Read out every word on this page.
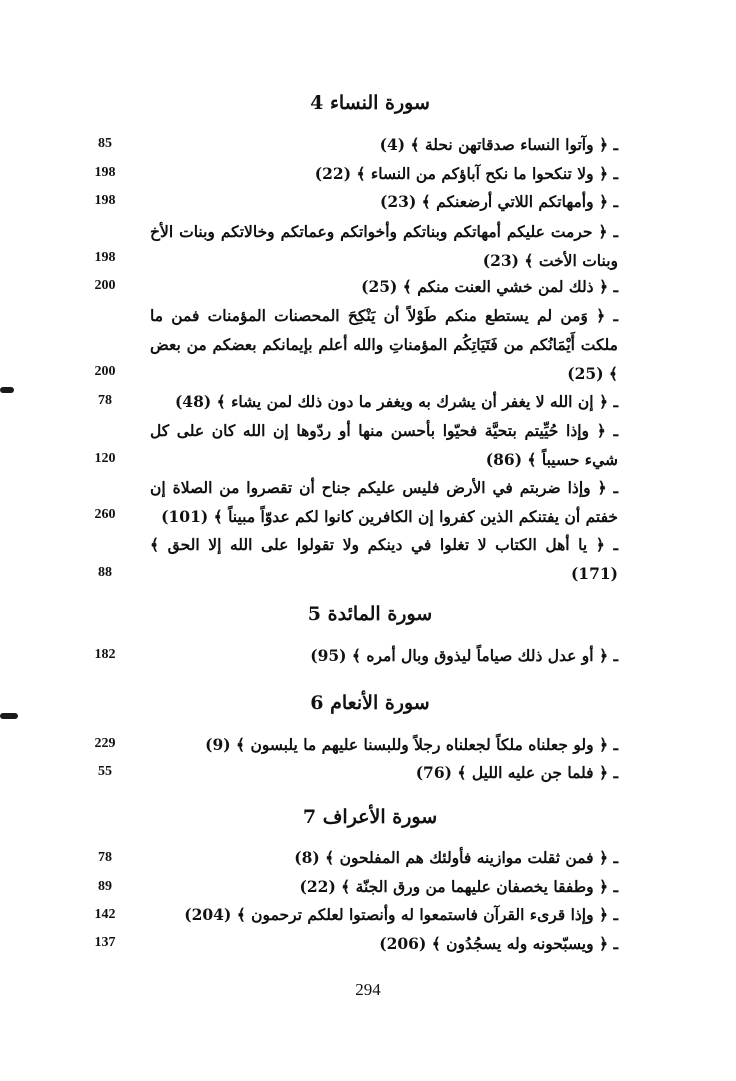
سورة النساء 4
ـ ﴿ وآتوا النساء صدقاتهن نحلة ﴾ (4)
85
ـ ﴿ ولا تنكحوا ما نكح آباؤكم من النساء ﴾ (22)
198
ـ ﴿ وأمهاتكم اللاتي أرضعنكم ﴾ (23)
198
ـ ﴿ حرمت عليكم أمهاتكم وبناتكم وأخواتكم وعماتكم وخالاتكم وبنات الأخ وبنات الأخت ﴾ (23)
198
ـ ﴿ ذلك لمن خشي العنت منكم ﴾ (25)
200
ـ ﴿ وَمن لم يستطع منكم طَوْلاً أن يَنْكِحَ المحصنات المؤمنات فمن ما ملكت أَيْمَانُكم من فَتَيَاتِكُم المؤمناتِ والله أعلم بإيمانكم بعضكم من بعض ﴾ (25)
200
ـ ﴿ إن الله لا يغفر أن يشرك به ويغفر ما دون ذلك لمن يشاء ﴾ (48)
78
ـ ﴿ وإذا حُيِّيتم بتحيَّة فحيّوا بأحسن منها أو ردّوها إن الله كان على كل شيء حسيباً ﴾ (86)
120
ـ ﴿ وإذا ضربتم في الأرض فليس عليكم جناح أن تقصروا من الصلاة إن خفتم أن يفتنكم الذين كفروا إن الكافرين كانوا لكم عدوّاً مبيناً ﴾ (101)
260
ـ ﴿ يا أهل الكتاب لا تغلوا في دينكم ولا تقولوا على الله إلا الحق ﴾ (171)
88
سورة المائدة 5
ـ ﴿ أو عدل ذلك صياماً ليذوق وبال أمره ﴾ (95)
182
سورة الأنعام 6
ـ ﴿ ولو جعلناه ملكاً لجعلناه رجلاً وللبسنا عليهم ما يلبسون ﴾ (9)
229
ـ ﴿ فلما جن عليه الليل ﴾ (76)
55
سورة الأعراف 7
ـ ﴿ فمن ثقلت موازينه فأولئك هم المفلحون ﴾ (8)
78
ـ ﴿ وطفقا يخصفان عليهما من ورق الجنّة ﴾ (22)
89
ـ ﴿ وإذا قرىء القرآن فاستمعوا له وأنصتوا لعلكم ترحمون ﴾ (204)
142
ـ ﴿ ويسبّحونه وله يسجُدُون ﴾ (206)
137
294
